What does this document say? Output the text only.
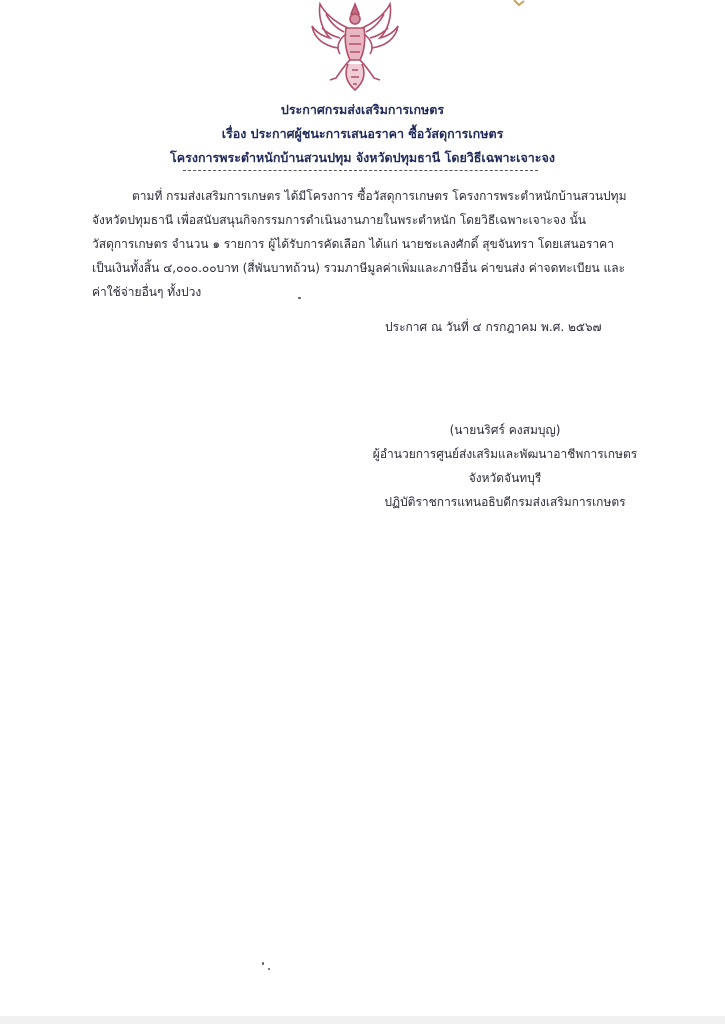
ประกาศกรมส่งเสริมการเกษตร
เรื่อง ประกาศผู้ชนะการเสนอราคา ซื้อวัสดุการเกษตร
โครงการพระตำหนักบ้านสวนปทุม จังหวัดปทุมธานี โดยวิธีเฉพาะเจาะจง
ตามที่ กรมส่งเสริมการเกษตร ได้มีโครงการ ซื้อวัสดุการเกษตร โครงการพระตำหนักบ้านสวนปทุม
จังหวัดปทุมธานี เพื่อสนับสนุนกิจกรรมการดำเนินงานภายในพระตำหนัก โดยวิธีเฉพาะเจาะจง นั้น
วัสดุการเกษตร จำนวน ๑ รายการ ผู้ได้รับการคัดเลือก ได้แก่ นายชะเลงศักดิ์ สุขจันทรา โดยเสนอราคา
เป็นเงินทั้งสิ้น ๔,๐๐๐.๐๐บาท (สี่พันบาทถ้วน) รวมภาษีมูลค่าเพิ่มและภาษีอื่น ค่าขนส่ง ค่าจดทะเบียน และ
ค่าใช้จ่ายอื่นๆ ทั้งปวง
ประกาศ ณ วันที่ ๔ กรกฎาคม พ.ศ. ๒๕๖๗
(นายนริศร์ คงสมบุญ)
ผู้อำนวยการศูนย์ส่งเสริมและพัฒนาอาชีพการเกษตร
จังหวัดจันทบุรี
ปฏิบัติราชการแทนอธิบดีกรมส่งเสริมการเกษตร
